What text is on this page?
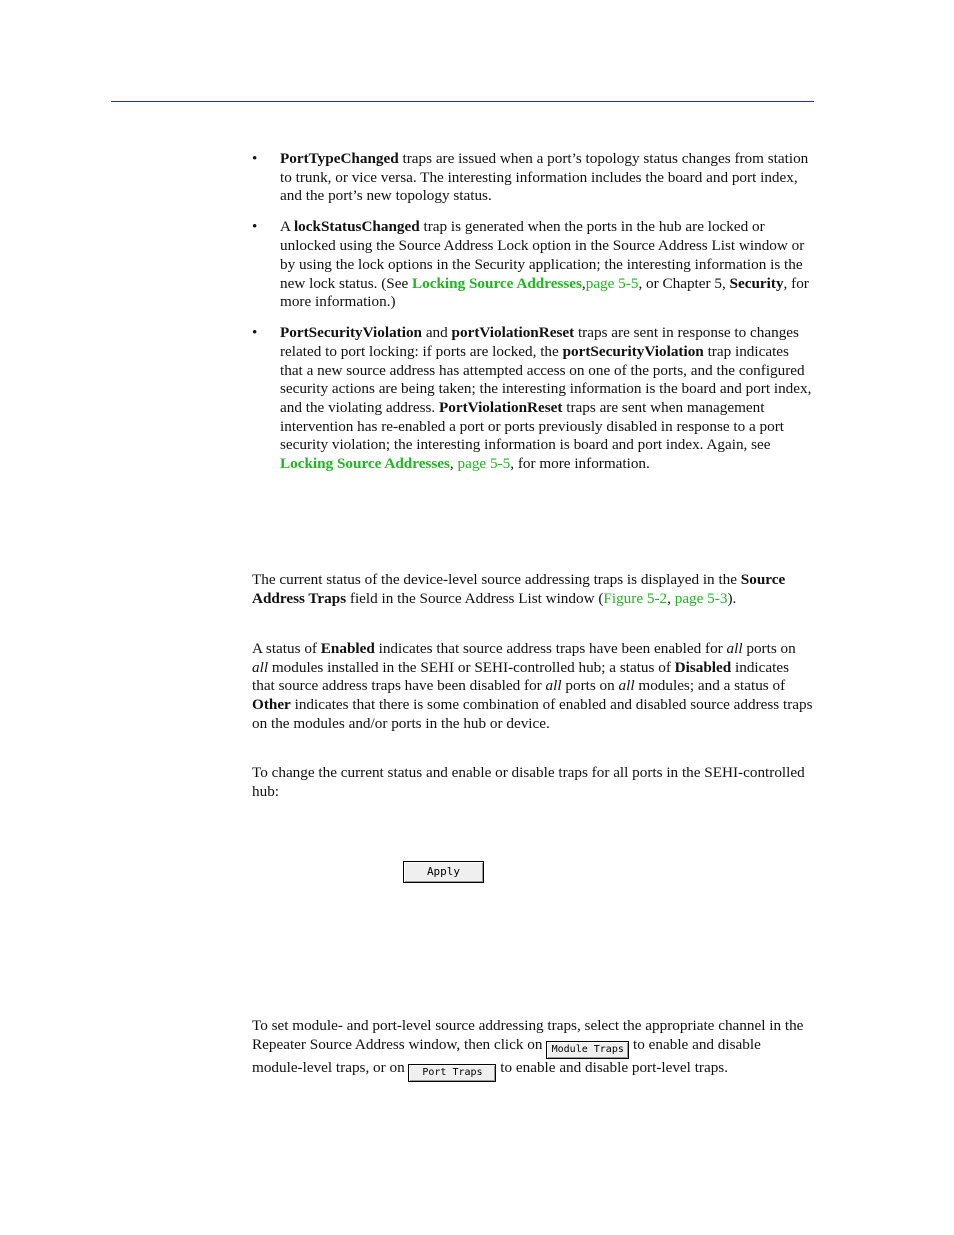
• PortTypeChanged traps are issued when a port’s topology status changes from station to trunk, or vice versa. The interesting information includes the board and port index, and the port’s new topology status.

• A lockStatusChanged trap is generated when the ports in the hub are locked or unlocked using the Source Address Lock option in the Source Address List window or by using the lock options in the Security application; the interesting information is the new lock status. (See Locking Source Addresses,page 5-5, or Chapter 5, Security, for more information.)

• PortSecurityViolation and portViolationReset traps are sent in response to changes related to port locking: if ports are locked, the portSecurityViolation trap indicates that a new source address has attempted access on one of the ports, and the configured security actions are being taken; the interesting information is the board and port index, and the violating address. PortViolationReset traps are sent when management intervention has re-enabled a port or ports previously disabled in response to a port security violation; the interesting information is board and port index. Again, see Locking Source Addresses, page 5-5, for more information.

The current status of the device-level source addressing traps is displayed in the Source Address Traps field in the Source Address List window (Figure 5-2, page 5-3).

A status of Enabled indicates that source address traps have been enabled for all ports on all modules installed in the SEHI or SEHI-controlled hub; a status of Disabled indicates that source address traps have been disabled for all ports on all modules; and a status of Other indicates that there is some combination of enabled and disabled source address traps on the modules and/or ports in the hub or device.

To change the current status and enable or disable traps for all ports in the SEHI-controlled hub:

Apply

To set module- and port-level source addressing traps, select the appropriate channel in the Repeater Source Address window, then click on Module Traps to enable and disable module-level traps, or on Port Traps to enable and disable port-level traps.
